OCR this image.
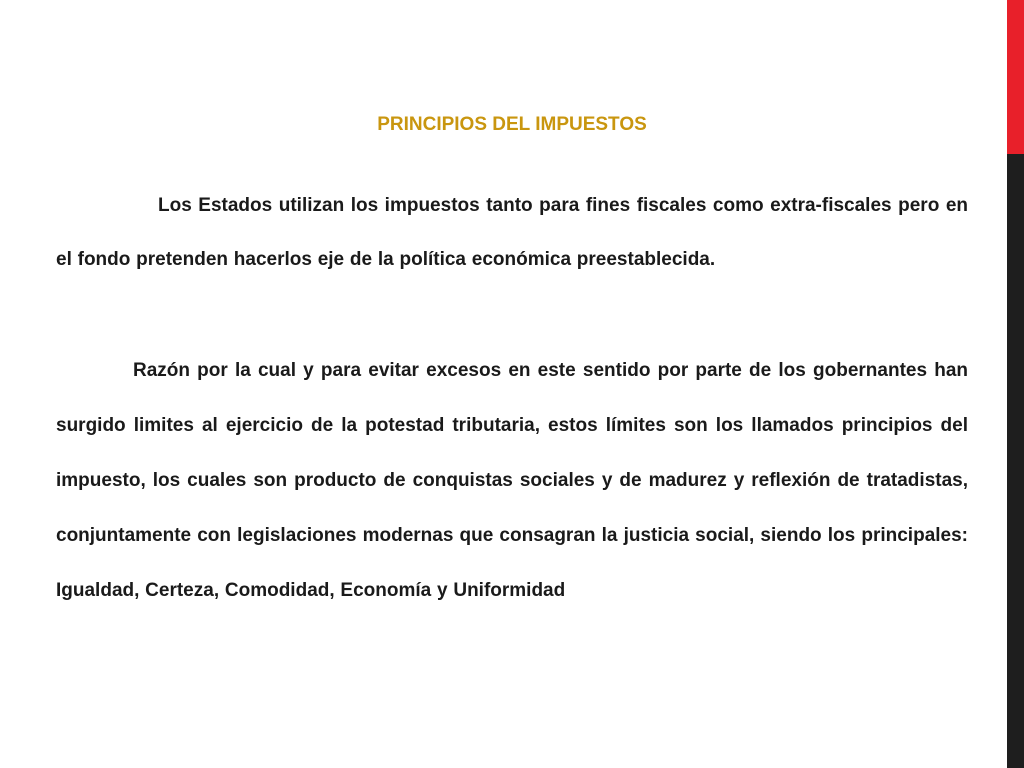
PRINCIPIOS DEL IMPUESTOS

Los Estados utilizan los impuestos tanto para fines fiscales como extra-fiscales pero en el fondo pretenden hacerlos eje de la política económica preestablecida.

Razón por la cual y para evitar excesos en este sentido por parte de los gobernantes han surgido limites al ejercicio de la potestad tributaria, estos límites son los llamados principios del impuesto, los cuales son producto de conquistas sociales y de madurez y reflexión de tratadistas, conjuntamente con legislaciones modernas que consagran la justicia social, siendo los principales: Igualdad, Certeza, Comodidad, Economía y Uniformidad
